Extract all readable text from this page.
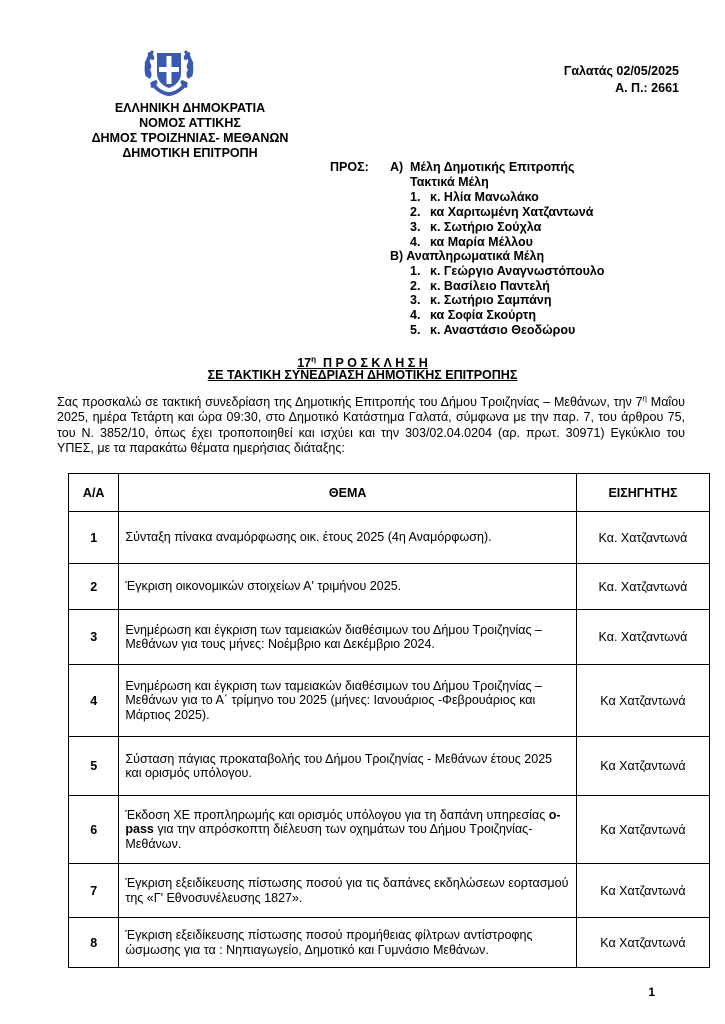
ΕΛΛΗΝΙΚΗ ΔΗΜΟΚΡΑΤΙΑ
ΝΟΜΟΣ ΑΤΤΙΚΗΣ
ΔΗΜΟΣ ΤΡΟΙΖΗΝΙΑΣ- ΜΕΘΑΝΩΝ
ΔΗΜΟΤΙΚΗ ΕΠΙΤΡΟΠΗ
Γαλατάς 02/05/2025
Α. Π.: 2661
ΠΡΟΣ: Α) Μέλη Δημοτικής Επιτροπής
Τακτικά Μέλη
1. κ. Ηλία Μανωλάκο
2. κα Χαριτωμένη Χατζαντωνά
3. κ. Σωτήριο Σούχλα
4. κα Μαρία Μέλλου
Β) Αναπληρωματικά Μέλη
1. κ. Γεώργιο Αναγνωστόπουλο
2. κ. Βασίλειο Παντελή
3. κ. Σωτήριο Σαμπάνη
4. κα Σοφία Σκούρτη
5. κ. Αναστάσιο Θεοδώρου
$17^\eta$ Π Ρ Ο Σ Κ Λ Η Σ Η
ΣΕ ΤΑΚΤΙΚΗ ΣΥΝΕΔΡΙΑΣΗ ΔΗΜΟΤΙΚΗΣ ΕΠΙΤΡΟΠΗΣ
Σας προσκαλώ σε τακτική συνεδρίαση της Δημοτικής Επιτροπής του Δήμου Τροιζηνίας – Μεθάνων, την $7^\eta$ Μαΐου 2025, ημέρα Τετάρτη και ώρα 09:30, στο Δημοτικό Κατάστημα Γαλατά, σύμφωνα με την παρ. 7, του άρθρου 75, του Ν. 3852/10, όπως έχει τροποποιηθεί και ισχύει και την 303/02.04.0204 (αρ. πρωτ. 30971) Εγκύκλιο του ΥΠΕΣ, με τα παρακάτω θέματα ημερήσιας διάταξης:
Α/Α	ΘΕΜΑ	ΕΙΣΗΓΗΤΗΣ
1	Σύνταξη πίνακα αναμόρφωσης οικ. έτους 2025 (4η Αναμόρφωση).	Κα. Χατζαντωνά
2	Έγκριση οικονομικών στοιχείων Α' τριμήνου 2025.	Κα. Χατζαντωνά
3	Ενημέρωση και έγκριση των ταμειακών διαθέσιμων του Δήμου Τροιζηνίας – Μεθάνων για τους μήνες: Νοέμβριο και Δεκέμβριο 2024.	Κα. Χατζαντωνά
4	Ενημέρωση και έγκριση των ταμειακών διαθέσιμων του Δήμου Τροιζηνίας – Μεθάνων για το Α΄ τρίμηνο του 2025 (μήνες: Ιανουάριος -Φεβρουάριος και Μάρτιος 2025).	Κα Χατζαντωνά
5	Σύσταση πάγιας προκαταβολής του Δήμου Τροιζηνίας - Μεθάνων έτους 2025 και ορισμός υπόλογου.	Κα Χατζαντωνά
6	Έκδοση ΧΕ προπληρωμής και ορισμός υπόλογου για τη δαπάνη υπηρεσίας o-pass για την απρόσκοπτη διέλευση των οχημάτων του Δήμου Τροιζηνίας-Μεθάνων.	Κα Χατζαντωνά
7	Έγκριση εξειδίκευσης πίστωσης ποσού για τις δαπάνες εκδηλώσεων εορτασμού της «Γ' Εθνοσυνέλευσης 1827».	Κα Χατζαντωνά
8	Έγκριση εξειδίκευσης πίστωσης ποσού προμήθειας φίλτρων αντίστροφης ώσμωσης για τα : Νηπιαγωγείο, Δημοτικό και Γυμνάσιο Μεθάνων.	Κα Χατζαντωνά
1
